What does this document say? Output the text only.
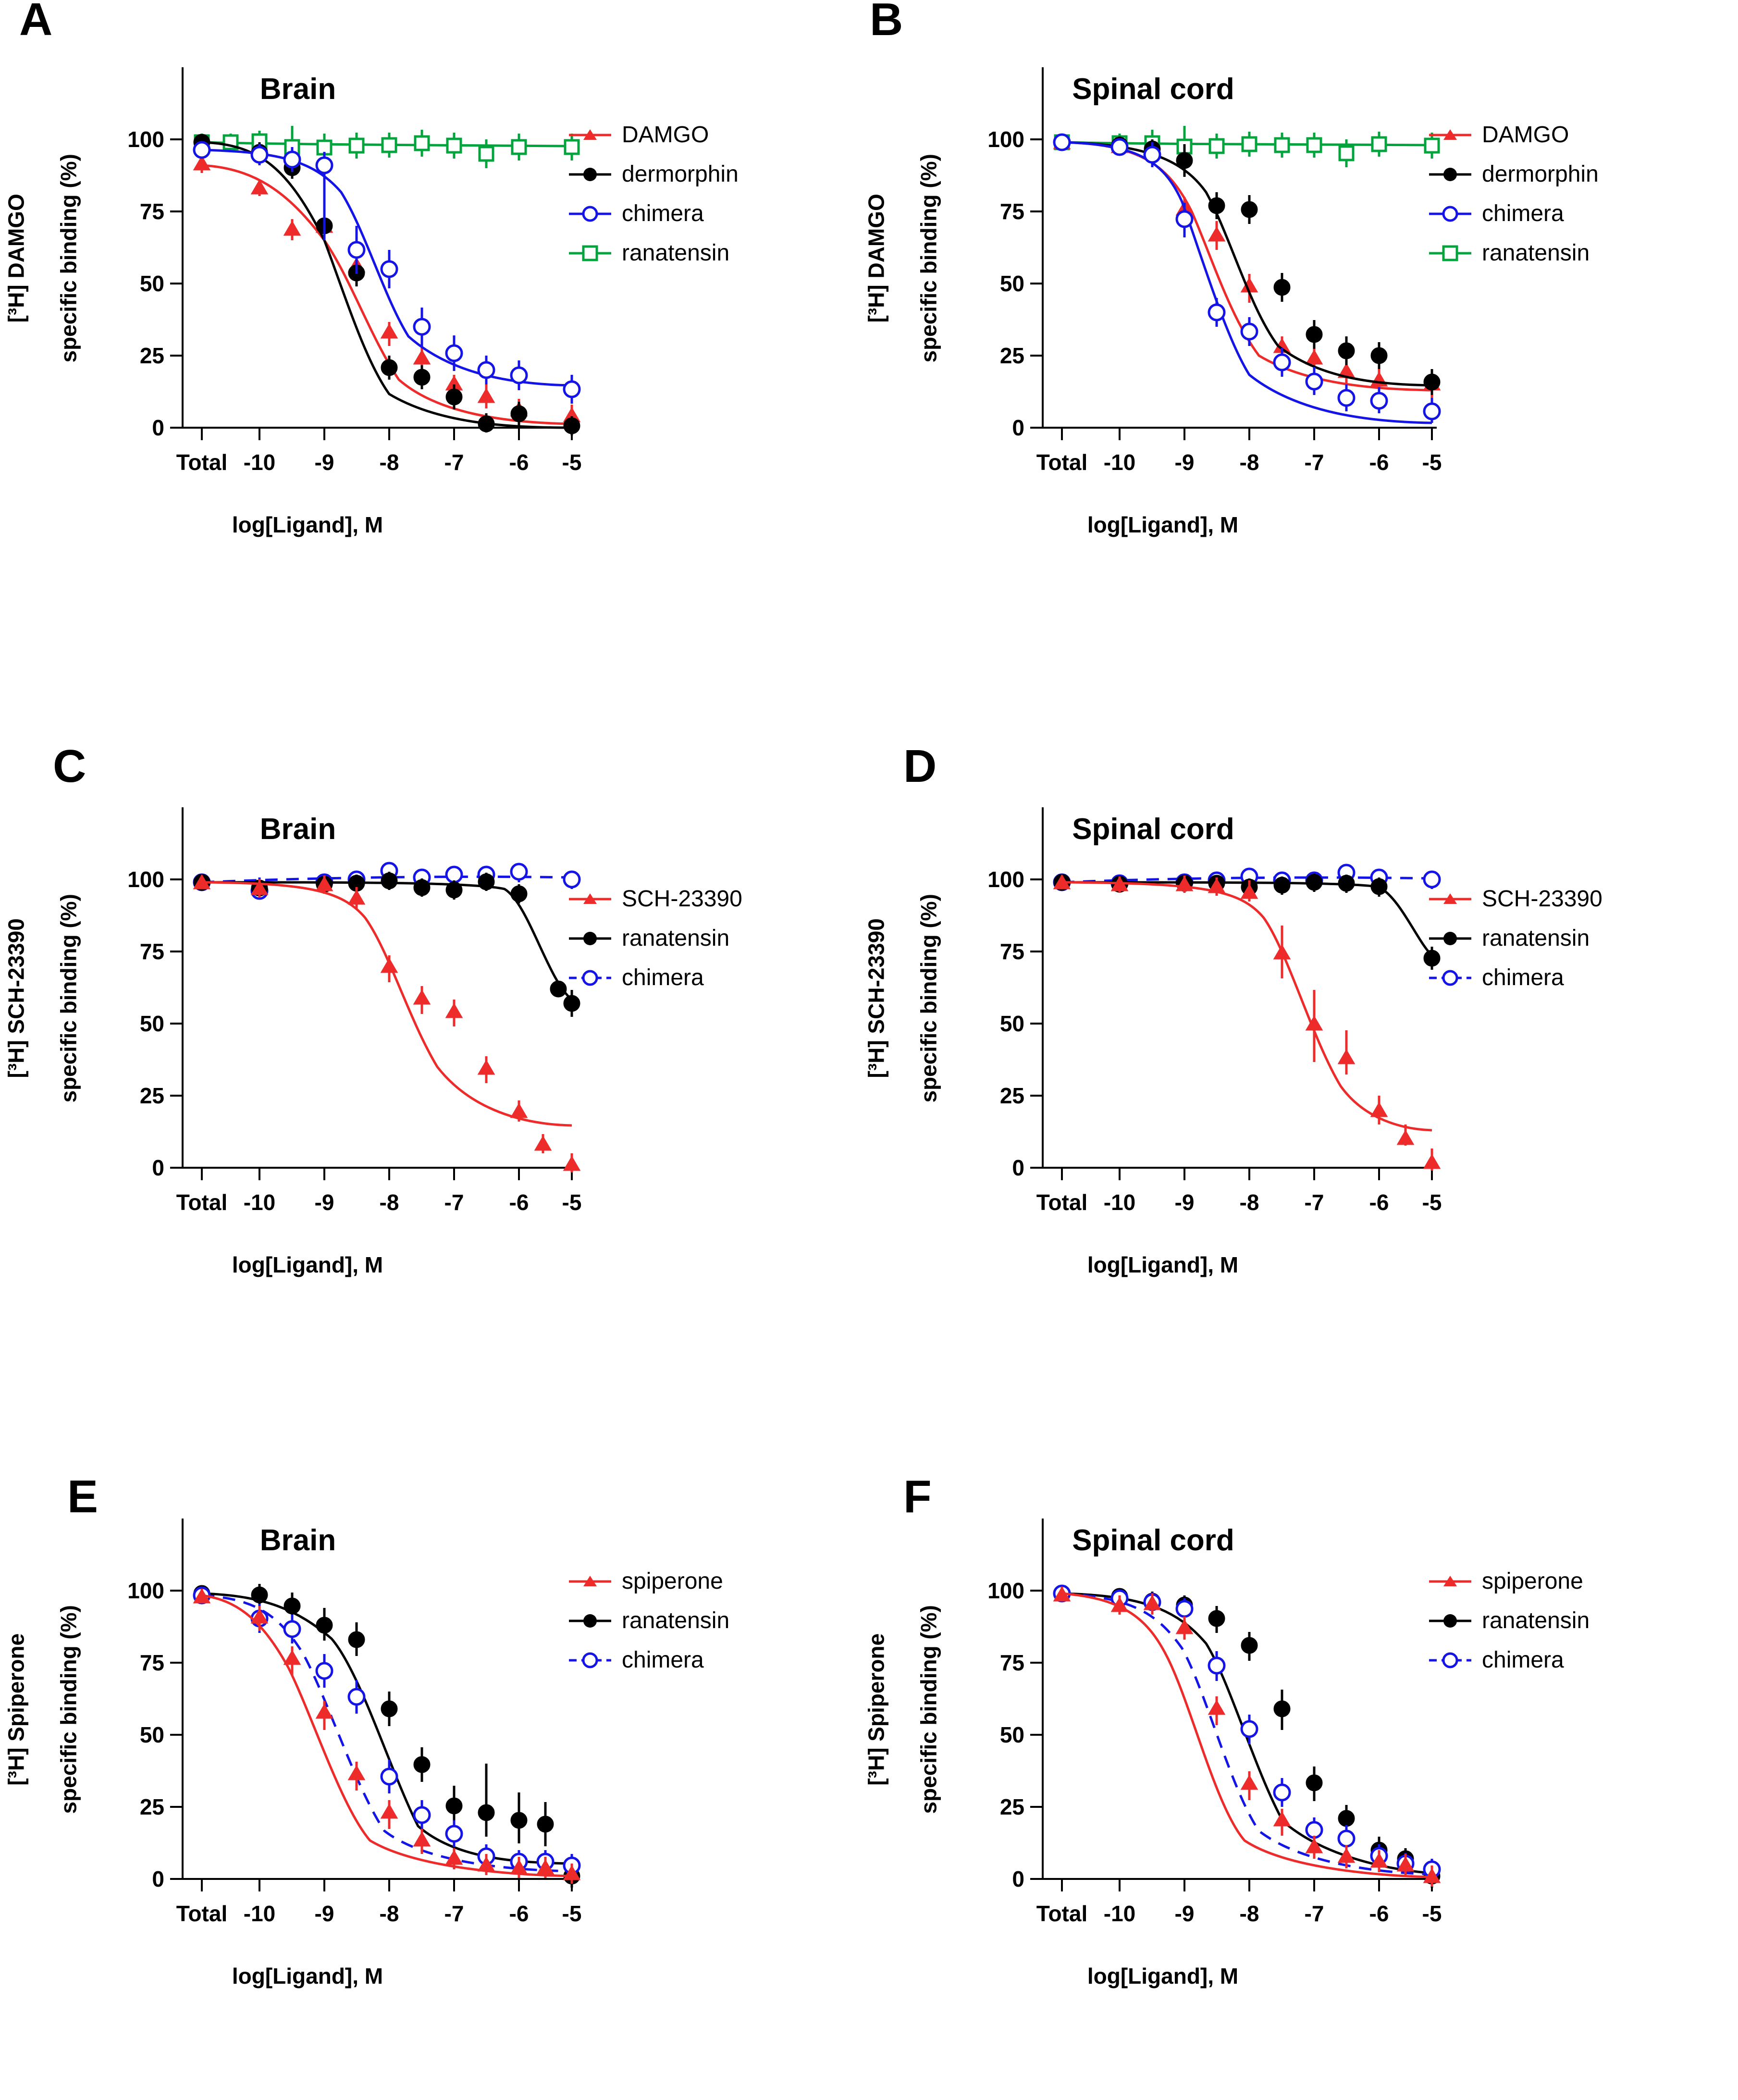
A
Brain

[³H] DAMGO specific binding (%)

log[Ligand], M
0
25
50
75
100
Total -10 -9 -8 -7 -6 -5
DAMGO
dermorphin
chimera
ranatensin
B
Spinal cord

[³H] DAMGO specific binding (%)

log[Ligand], M
0
25
50
75
100
Total -10 -9 -8 -7 -6 -5
DAMGO
dermorphin
chimera
ranatensin
C
Brain

[³H] SCH-23390 specific binding (%)

log[Ligand], M
0
25
50
75
100
Total -10 -9 -8 -7 -6 -5
SCH-23390
ranatensin
chimera
D
Spinal cord

[³H] SCH-23390 specific binding (%)

log[Ligand], M
0
25
50
75
100
Total -10 -9 -8 -7 -6 -5
SCH-23390
ranatensin
chimera
E
Brain

[³H] Spiperone specific binding (%)

log[Ligand], M
0
25
50
75
100
Total -10 -9 -8 -7 -6 -5
spiperone
ranatensin
chimera
F
Spinal cord

[³H] Spiperone specific binding (%)

log[Ligand], M
0
25
50
75
100
Total -10 -9 -8 -7 -6 -5
spiperone
ranatensin
chimera
